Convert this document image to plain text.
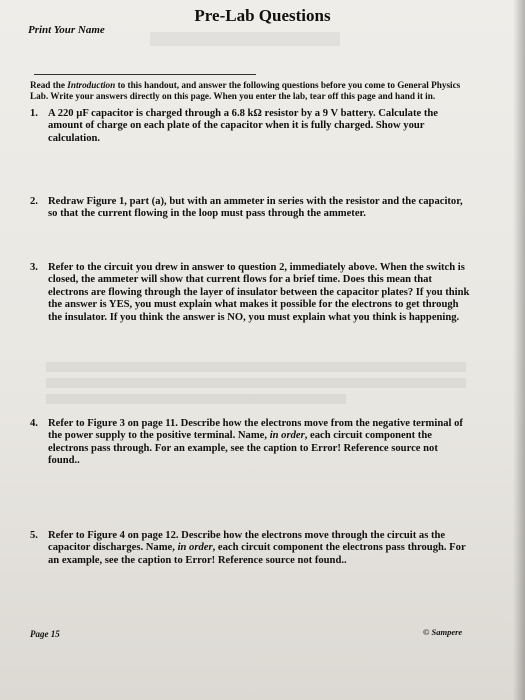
Pre-Lab Questions
Print Your Name
Read the Introduction to this handout, and answer the following questions before you come to General Physics Lab. Write your answers directly on this page. When you enter the lab, tear off this page and hand it in.
1. A 220 µF capacitor is charged through a 6.8 kΩ resistor by a 9 V battery. Calculate the amount of charge on each plate of the capacitor when it is fully charged. Show your calculation.
2. Redraw Figure 1, part (a), but with an ammeter in series with the resistor and the capacitor, so that the current flowing in the loop must pass through the ammeter.
3. Refer to the circuit you drew in answer to question 2, immediately above. When the switch is closed, the ammeter will show that current flows for a brief time. Does this mean that electrons are flowing through the layer of insulator between the capacitor plates? If you think the answer is YES, you must explain what makes it possible for the electrons to get through the insulator. If you think the answer is NO, you must explain what you think is happening.
4. Refer to Figure 3 on page 11. Describe how the electrons move from the negative terminal of the power supply to the positive terminal. Name, in order, each circuit component the electrons pass through. For an example, see the caption to Error! Reference source not found..
5. Refer to Figure 4 on page 12. Describe how the electrons move through the circuit as the capacitor discharges. Name, in order, each circuit component the electrons pass through. For an example, see the caption to Error! Reference source not found..
Page 15	© Sampere
